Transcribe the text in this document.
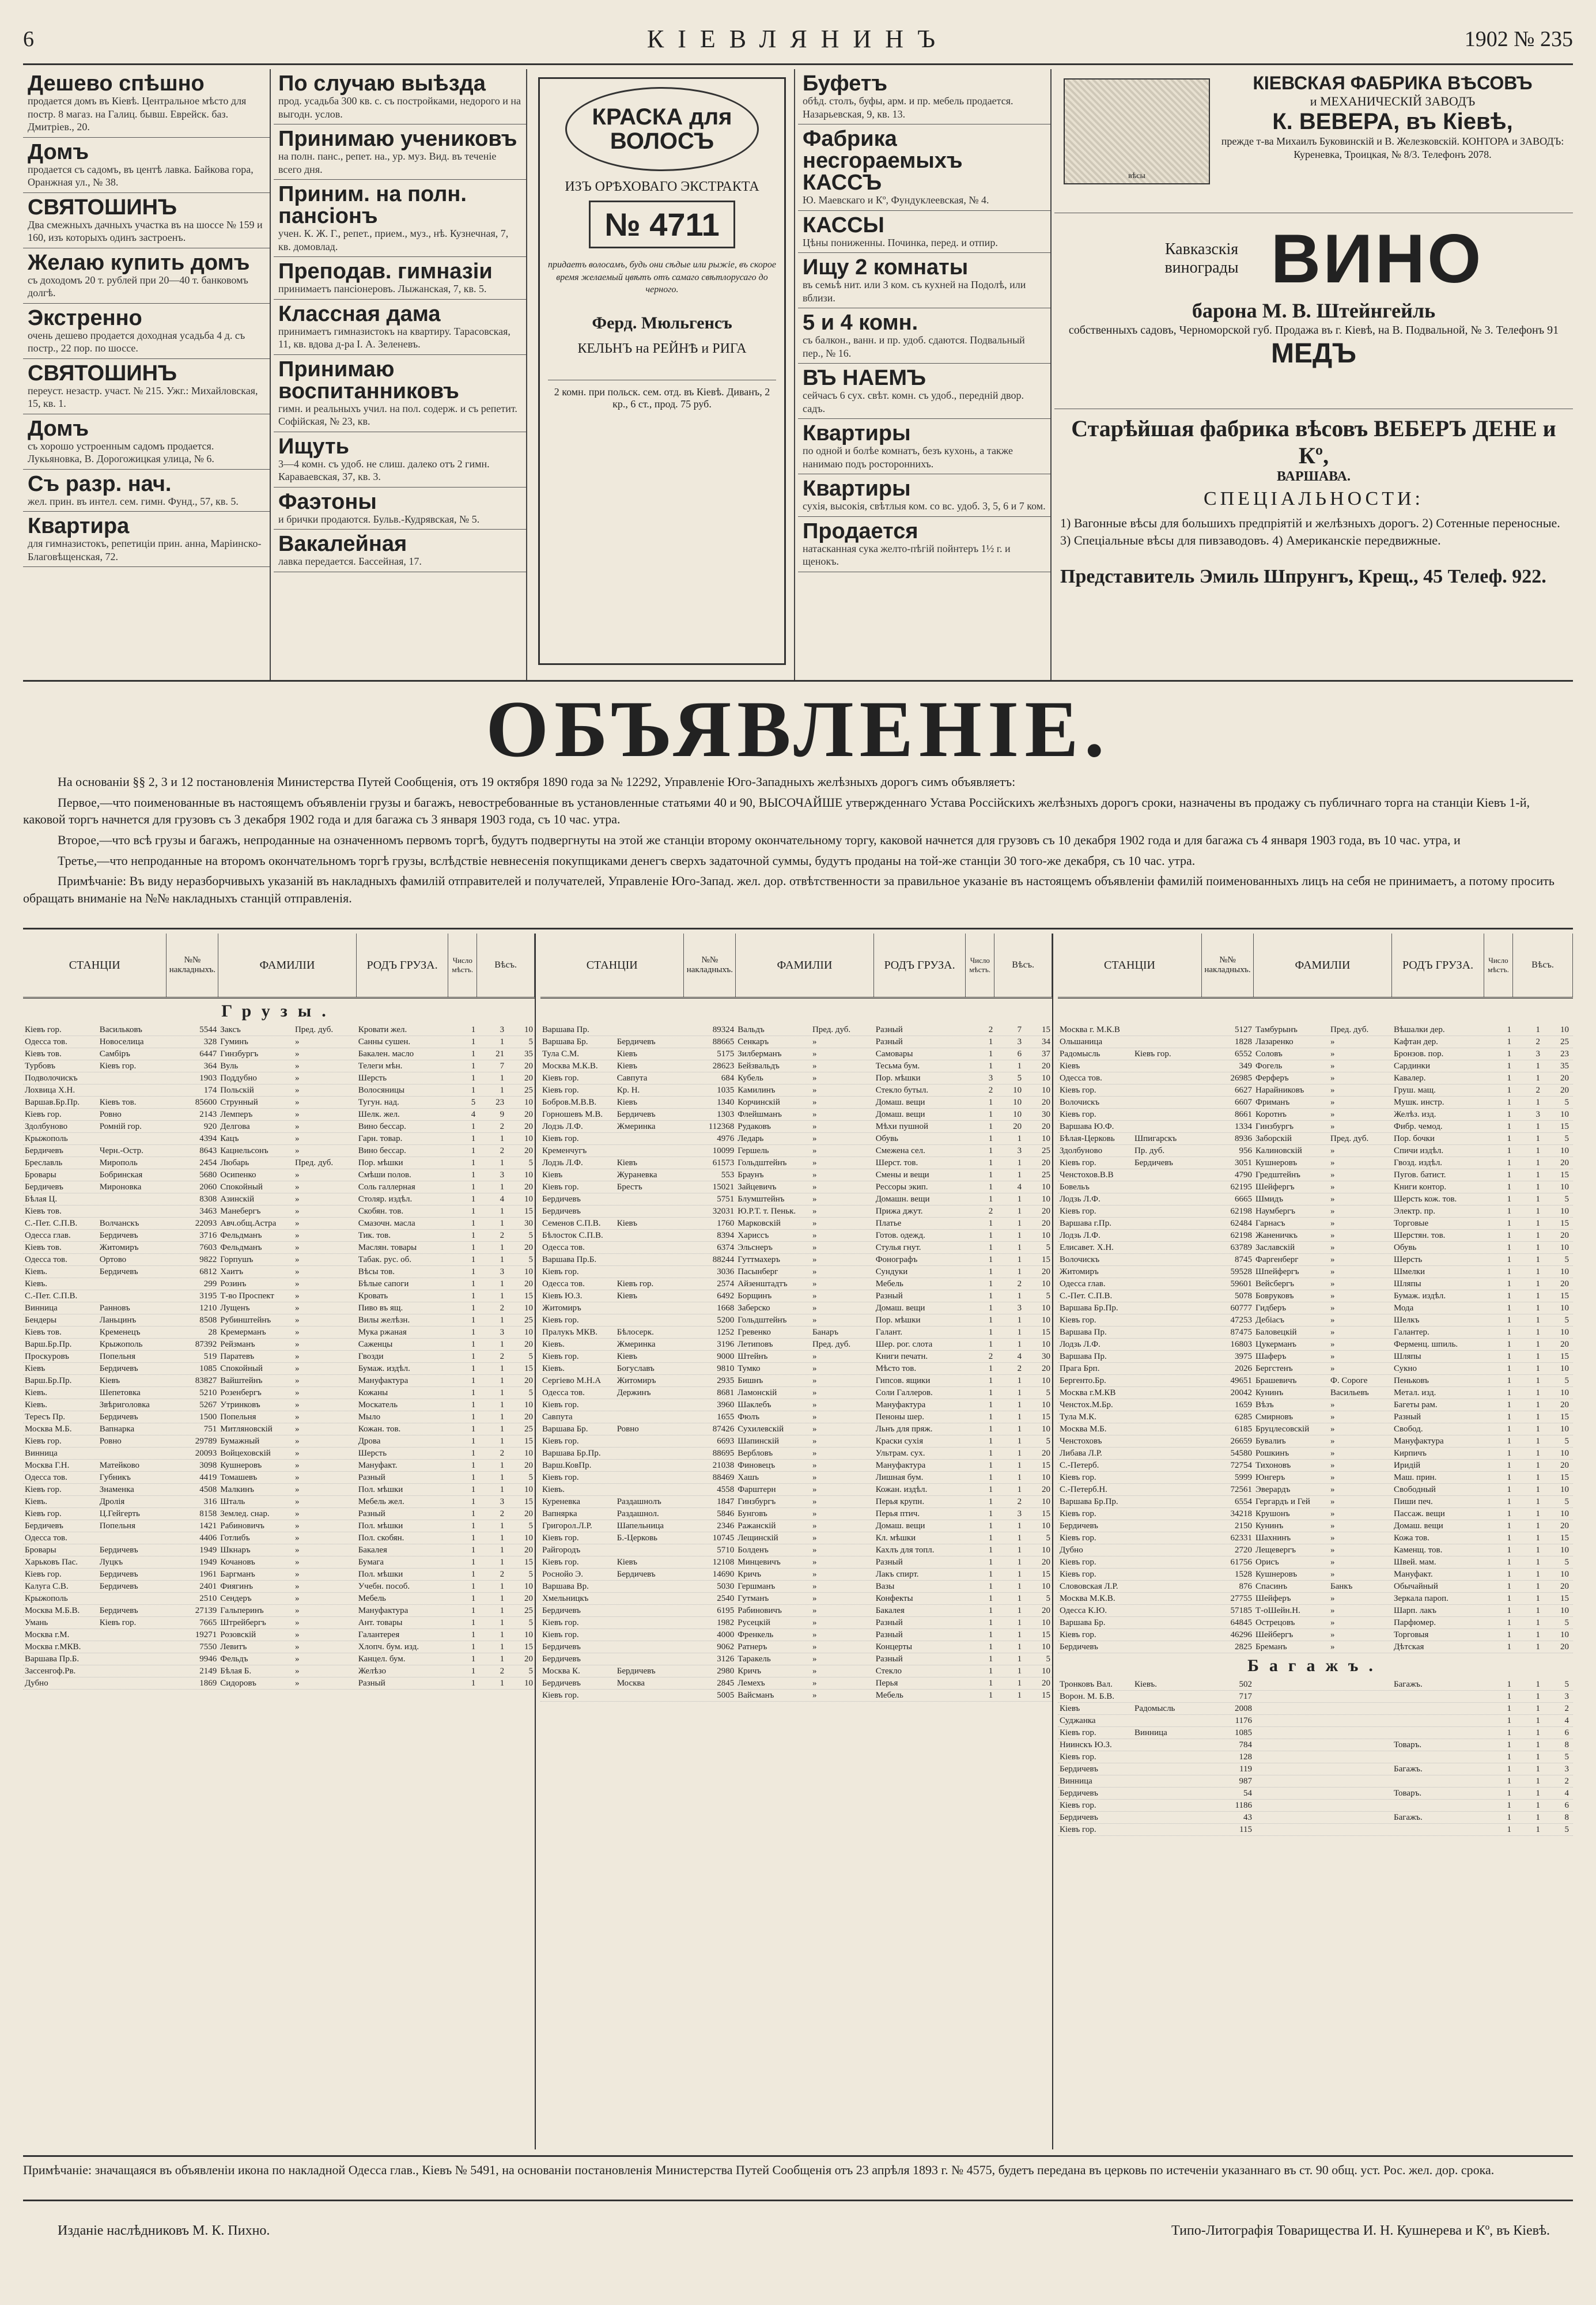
6	КІЕВЛЯНИНЪ	1902 № 235
Дешево спѣшно
продается домъ въ Кіевѣ. Центральное мѣсто для постр. 8 магаз. на Галиц. бывш. Еврейск. баз. Дмитріев., 20.
Домъ
продается съ садомъ, въ центѣ лавка. Байкова гора, Оранжная ул., № 38.
СВЯТОШИНЪ
Два смежныхъ дачныхъ участка въ на шоссе № 159 и 160, изъ которыхъ одинъ застроенъ.
Желаю купить домъ
съ доходомъ 20 т. рублей при 20—40 т. банковомъ долгѣ.
Экстренно
очень дешево продается доходная усадьба 4 д. съ постр., 22 пор. по шоссе.
СВЯТОШИНЪ
переуст. незастр. участ. № 215. Ужг.: Михайловская, 15, кв. 1.
Домъ
съ хорошо устроенным садомъ продается. Лукьяновка, В. Дорогожицкая улица, № 6.
Съ разр. нач.
жел. прин. въ интел. сем. гимн. Фунд., 57, кв. 5.
Квартира
для гимназистокъ, репетиціи прин. анна, Маріинско-Благовѣщенская, 72.
По случаю выѣзда
прод. усадьба 300 кв. с. съ постройками, недорого и на выгодн. услов.
Принимаю учениковъ
на полн. панс., репет. на., ур. муз. Вид. въ теченіе всего дня.
Приним. на полн. пансіонъ
учен. К. Ж. Г., репет., прием., муз., нѣ. Кузнечная, 7, кв. домовлад.
Преподав. гимназіи
принимаетъ пансіонеровъ. Лыжанская, 7, кв. 5.
Классная дама
принимаетъ гимназистокъ на квартиру. Тарасовская, 11, кв. вдова д-ра I. А. Зеленевъ.
Принимаю воспитанниковъ
гимн. и реальныхъ учил. на пол. содерж. и съ репетит. Софійская, № 23, кв.
Ищуть
3—4 комн. съ удоб. не слиш. далеко отъ 2 гимн. Караваевская, 37, кв. 3.
Фаэтоны
и брички продаются. Бульв.-Кудрявская, № 5.
Вакалейная
лавка передается. Бассейная, 17.
КРАСКА для ВОЛОСЪ
ИЗЪ ОРѢХОВАГО ЭКСТРАКТА
№ 4711
придаетъ волосамъ, будь они сѣдые или рыжіе, въ скорое время желаемый цвѣтъ отъ самаго свѣтлорусаго до черного.
Ферд. Мюльгенсъ
КЕЛЬНЪ на РЕЙНѢ и РИГА
2 комн. при польск. сем. отд. въ Кіевѣ. Диванъ, 2 кр., 6 ст., прод. 75 руб.
Буфетъ
обѣд. столъ, буфы, арм. и пр. мебель продается. Назарьевская, 9, кв. 13.
Фабрика несгораемыхъ КАССЪ
Ю. Маевскаго и Кº, Фундуклеевская, № 4.
КАССЫ
Цѣны пониженны. Починка, перед. и отпир.
Ищу 2 комнаты
въ семьѣ нит. или 3 ком. съ кухней на Подолѣ, или вблизи.
5 и 4 комн.
съ балкон., ванн. и пр. удоб. сдаются. Подвальный пер., № 16.
ВЪ НАЕМЪ
сейчасъ 6 сух. свѣт. комн. съ удоб., передній двор. садъ.
Квартиры
по одной и болѣе комнатъ, безъ кухонь, а также нанимаю подъ ростороннихъ.
Квартиры
сухія, высокія, свѣтлыя ком. со вс. удоб. 3, 5, 6 и 7 ком.
Продается
натасканная сука желто-пѣгій пойнтеръ 1½ г. и щенокъ.
вѣсы
КІЕВСКАЯ ФАБРИКА ВѢСОВЪ
и МЕХАНИЧЕСКІЙ ЗАВОДЪ
К. ВЕВЕРА, въ Кіевѣ,
прежде т-ва Михаилъ Буковинскій и В. Железковскій. КОНТОРА и ЗАВОДЪ: Куреневка, Троицкая, № 8/3. Телефонъ 2078.
Кавказскія винограды ВИНО
барона М. В. Штейнгейль
собственныхъ садовъ, Черноморской губ. Продажа въ г. Кіевѣ, на В. Подвальной, № 3. Телефонъ 91
МЕДЪ
Старѣйшая фабрика вѣсовъ ВЕБЕРЪ ДЕНЕ и Кº,
ВАРШАВА.
СПЕЦІАЛЬНОСТИ:
1) Вагонные вѣсы для большихъ предпріятій и желѣзныхъ дорогъ. 2) Сотенные переносные. 3) Спеціальные вѣсы для пивзаводовъ. 4) Американскіе передвижные.
Представитель Эмиль Шпрунгъ, Крещ., 45 Телеф. 922.
ОБЪЯВЛЕНІЕ.

На основаніи §§ 2, 3 и 12 постановленія Министерства Путей Сообщенія, отъ 19 октября 1890 года за № 12292, Управленіе Юго-Западныхъ желѣзныхъ дорогъ симъ объявляетъ:

Первое,—что поименованные въ настоящемъ объявленіи грузы и багажъ, невостребованные въ установленные статьями 40 и 90, ВЫСОЧАЙШЕ утвержденнаго Устава Россійскихъ желѣзныхъ дорогъ сроки, назначены въ продажу съ публичнаго торга на станціи Кіевъ 1-й, каковой торгъ начнется для грузовъ съ 3 декабря 1902 года и для багажа съ 3 января 1903 года, съ 10 час. утра.

Второе,—что всѣ грузы и багажъ, непроданные на означенномъ первомъ торгѣ, будутъ подвергнуты на этой же станціи второму окончательному торгу, каковой начнется для грузовъ съ 10 декабря 1902 года и для багажа съ 4 января 1903 года, въ 10 час. утра, и

Третье,—что непроданные на второмъ окончательномъ торгѣ грузы, вслѣдствіе невнесенія покупщиками денегъ сверхъ задаточной суммы, будутъ проданы на той-же станціи 30 того-же декабря, съ 10 час. утра.

Примѣчаніе: Въ виду неразборчивыхъ указаній въ накладныхъ фамилій отправителей и получателей, Управленіе Юго-Запад. жел. дор. отвѣтственности за правильное указаніе въ настоящемъ объявленіи фамилій поименованныхъ лицъ на себя не принимаетъ, а потому просить обращать вниманіе на №№ накладныхъ станцій отправленія.

СТАНЦІИ	№№ накладныхъ.	ФАМИЛІИ	РОДЪ ГРУЗА.	Число мѣстъ.	Вѣсъ.
Грузы.
Кіевъ гор.	Васильковъ	5544 Заксъ	Пред. дуб.	Кровати жел.	1	3	10
Одесса тов.	Новоселица	328 Гуминъ	»	Санны сушен.	1	1	5
Кіевъ тов.	Самбіръ	6447 Гинзбургъ	»	Бакален. масло	1	21	35
Турбовъ	Кіевъ гор.	364 Вуль	»	Телеги мѣн.	1	7	20
Подволочискъ	1903 Поддубно	»	Шерсть	1	1	20
Лохвица Х.Н.	174 Польскій	»	Волосяницы	1	1	25
Варшав.Бр.Пр.	Кіевъ тов.	85600 Струнный	»	Тугун. над.	5	23	10
Кіевъ гор.	Ровно	2143 Лемперъ	»	Шелк. жел.	4	9	20
Здолбуново	Ромній гор.	920 Делгова	»	Вино бессар.	1	2	20
Крыжополь	4394 Кацъ	»	Гарн. товар.	1	1	10
Бердичевъ	Черн.-Остр.	8643 Кацнельсонъ	»	Вино бессар.	1	2	20
Бреславль	Мирополь	2454 Любарь	Пред. дуб.	Пор. мѣшки	1	1	5
Бровары	Бобринская	5680 Осипенко	»	Смѣши полов.	1	3	10
Бердичевъ	Мироновка	2060 Спокойный	»	Соль галлерная	1	1	20
Бѣлая Ц.	8308 Азинскій	»	Столяр. издѣл.	1	4	10
Кіевъ тов.	3463 Манебергъ	»	Скобян. тов.	1	1	15
С.-Пет. С.П.В.	Волчанскъ	22093 Авч.общ.Астра	»	Смазочн. масла	1	1	30
Одесса глав.	Бердичевъ	3716 Фельдманъ	»	Тик. тов.	1	2	5
Кіевъ тов.	Житомиръ	7603 Фельдманъ	»	Маслян. товары	1	1	20
Одесса тов.	Ортово	9822 Горпушъ	»	Табак. рус. об.	1	1	5
Кіевъ.	Бердичевъ	6812 Хаитъ	»	Вѣсы тов.	1	3	10
Кіевъ.	299 Розинъ	»	Бѣлые сапоги	1	1	20
С.-Пет. С.П.В.	3195 Т-во Проспект	»	Кровать	1	1	15
Винница	Ранновъ	1210 Лущенъ	»	Пиво въ ящ.	1	2	10
Бендеры	Ланьцинъ	8508 Рубинштейнъ	»	Вилы желѣзн.	1	1	25
Кіевъ тов.	Кременецъ	28 Кремерманъ	»	Мука ржаная	1	3	10
Варш.Бр.Пр.	Крыжополь	87392 Рейзманъ	»	Саженцы	1	1	20
Проскуровъ	Попельня	519 Паратевъ	»	Гвозди	1	2	5
Кіевъ	Бердичевъ	1085 Спокойный	»	Бумаж. издѣл.	1	1	15
Варш.Бр.Пр.	Кіевъ	83827 Вайштейнъ	»	Мануфактура	1	1	20
Кіевъ.	Шепетовка	5210 Розенбергъ	»	Кожаны	1	1	5
Кіевъ.	Звѣриголовка	5267 Утринковъ	»	Москатель	1	1	10
Тересъ Пр.	Бердичевъ	1500 Попельня	»	Мыло	1	1	20
Москва М.Б.	Вапнарка	751 Митляновскій	»	Кожан. тов.	1	1	25
Кіевъ гор.	Ровно	29789 Бумажный	»	Дрова	1	1	15
Винница	20093 Войцеховскій	»	Шерсть	1	2	10
Москва Г.Н.	Матейково	3098 Кушнеровъ	»	Мануфакт.	1	1	20
Одесса тов.	Губникъ	4419 Томашевъ	»	Разный	1	1	5
Кіевъ гор.	Знаменка	4508 Малкинъ	»	Пол. мѣшки	1	1	10
Кіевъ.	Дролія	316 Шталь	»	Мебель жел.	1	3	15
Кіевъ гор.	Ц.Гейгерть	8158 Землед. снар.	»	Разный	1	2	20
Бердичевъ	Попельня	1421 Рабиновичъ	»	Пол. мѣшки	1	1	5
Одесса тов.	4406 Готлибъ	»	Пол. скобян.	1	1	10
Бровары	Бердичевъ	1949 Шкнаръ	»	Бакалея	1	1	20
Харьковъ Пас.	Луцкъ	1949 Кочановъ	»	Бумага	1	1	15
Кіевъ гор.	Бердичевъ	1961 Баргманъ	»	Пол. мѣшки	1	2	5
Калуга С.В.	Бердичевъ	2401 Фиягинъ	»	Учебн. пособ.	1	1	10
Крыжополь	2510 Сендеръ	»	Мебель	1	1	20
Москва М.Б.В.	Бердичевъ	27139 Гальперинъ	»	Мануфактура	1	1	25
Умань	Кіевъ гор.	7665 Штрейбергъ	»	Ант. товары	1	1	5
Москва г.М.	19271 Розовскій	»	Галантерея	1	1	10
Москва г.МКВ.	7550 Левитъ	»	Хлопч. бум. изд.	1	1	15
Варшава Пр.Б.	9946 Фельдъ	»	Канцел. бум.	1	1	20
Зассенгоф.Рв.	2149 Бѣлая Б.	»	Желѣзо	1	2	5
Дубно	1869 Сидоровъ	»	Разный	1	1	10
СТАНЦІИ	№№ накладныхъ.	ФАМИЛІИ	РОДЪ ГРУЗА.	Число мѣстъ.	Вѣсъ.
Варшава Пр.	89324 Вальдъ	Пред. дуб.	Разный	2	7	15
Варшава Бр.	Бердичевъ	88665 Сенкаръ	»	Разный	1	3	34
Тула С.М.	Кіевъ	5175 Зилберманъ	»	Самовары	1	6	37
Москва М.К.В.	Кіевъ	28623 Бейзвальдъ	»	Тесьма бум.	1	1	20
Кіевъ гор.	Савпута	684 Кубель	»	Пор. мѣшки	3	5	10
Кіевъ гор.	Кр. Н.	1035 Камилинъ	»	Стекло бутыл.	2	10	10
Бобров.М.В.В.	Кіевъ	1340 Корчинскій	»	Домаш. вещи	1	10	20
Горношевъ М.В.	Бердичевъ	1303 Флейшманъ	»	Домаш. вещи	1	10	30
Лодзь Л.Ф.	Жмеринка	112368 Рудаковъ	»	Мѣхи пушной	1	20	20
Кіевъ гор.	4976 Ледарь	»	Обувь	1	1	10
Кременчугъ	10099 Гершель	»	Смежена сел.	1	3	25
Лодзь Л.Ф.	Кіевъ	61573 Гольдштейнъ	»	Шерст. тов.	1	1	20
Кіевъ	Жураневка	553 Браунъ	»	Смены и вещи	1	1	25
Кіевъ гор.	Брестъ	15021 Зайцевичъ	»	Рессоры экип.	1	4	10
Бердичевъ	5751 Блумштейнъ	»	Домашн. вещи	1	1	10
Бердичевъ	32031 Ю.Р.Т. т. Пеньк.	»	Прижа джут.	2	1	20
Семенов С.П.В.	Кіевъ	1760 Марковскій	»	Платье	1	1	20
Бѣлосток С.П.В.	8394 Хариссъ	»	Готов. одежд.	1	1	10
Одесса тов.	6374 Эльснеръ	»	Стулья гнут.	1	1	5
Варшава Пр.Б.	88244 Гуттмахеръ	»	Фонографъ	1	1	15
Кіевъ гор.	3036 Пасынберг	»	Сундуки	1	1	20
Одесса тов.	Кіевъ гор.	2574 Айзенштадтъ	»	Мебель	1	2	10
Кіевъ Ю.З.	Кіевъ	6492 Борщинъ	»	Разный	1	1	5
Житомиръ	1668 Заберско	»	Домаш. вещи	1	3	10
Кіевъ гор.	5200 Гольдштейнъ	»	Пор. мѣшки	1	1	10
Пралукъ МКВ.	Бѣлосерк.	1252 Гревенко	Банаръ	Галант.	1	1	15
Кіевъ.	Жмеринка	3196 Летиповъ	Пред. дуб.	Шер. рог. слота	1	1	10
Кіевъ гор.	Кіевъ	9000 Штейнъ	»	Книги печатн.	2	4	30
Кіевъ.	Богуславъ	9810 Тумко	»	Мѣсто тов.	1	2	20
Сергіево М.Н.А	Житомиръ	2935 Бишнъ	»	Гипсов. ящики	1	1	10
Одесса тов.	Держинъ	8681 Ламонскій	»	Соли Галлеров.	1	1	5
Кіевъ гор.	3960 Шаклебъ	»	Мануфактура	1	1	10
Савпута	1655 Фюлъ	»	Пеноны шер.	1	1	15
Варшава Бр.	Ровно	87426 Сухилевскій	»	Льнъ для пряж.	1	1	10
Кіевъ гор.	6693 Шапинскій	»	Краски сухія	1	1	5
Варшава Бр.Пр.	88695 Вербловъ	»	Ультрам. сух.	1	1	20
Варш.КовПр.	21038 Финовецъ	»	Мануфактура	1	1	15
Кіевъ гор.	88469 Хашъ	»	Лишная бум.	1	1	10
Кіевъ.	4558 Фарштерн	»	Кожан. издѣл.	1	1	20
Куреневка	Раздашнолъ	1847 Гинзбургъ	»	Перья крупн.	1	2	10
Вапнярка	Раздашнол.	5846 Бунговъ	»	Перья птич.	1	3	15
Григорол.Л.Р.	Шапельница	2346 Ражанскій	»	Домаш. вещи	1	1	10
Кіевъ гор.	Б.-Церковь	10745 Лещинскій	»	Кл. мѣшки	1	1	5
Райгородъ	5710 Болденъ	»	Кахлъ для топл.	1	1	10
Кіевъ гор.	Кіевъ	12108 Минцевичъ	»	Разный	1	1	20
Роснойо Э.	Бердичевъ	14690 Кричъ	»	Лакъ спирт.	1	1	15
Варшава Вр.	5030 Гершманъ	»	Вазы	1	1	10
Хмельницкъ	2540 Гутманъ	»	Конфекты	1	1	5
Бердичевъ	6195 Рабиновичъ	»	Бакалея	1	1	20
Кіевъ гор.	1982 Русецкій	»	Разный	1	1	10
Кіевъ гор.	4000 Френкель	»	Разный	1	1	15
Бердичевъ	9062 Ратнеръ	»	Концерты	1	1	10
Бердичевъ	3126 Таракель	»	Разный	1	1	5
Москва К.	Бердичевъ	2980 Кричъ	»	Стекло	1	1	10
Бердичевъ	Москва	2845 Лемехъ	»	Перья	1	1	20
Кіевъ гор.	5005 Вайсманъ	»	Мебель	1	1	15
СТАНЦІИ	№№ накладныхъ.	ФАМИЛІИ	РОДЪ ГРУЗА.	Число мѣстъ.	Вѣсъ.
Москва г. М.К.В	5127 Тамбурынъ	Пред. дуб.	Вѣшалки дер.	1	1	10
Ольшаница	1828 Лазаренко	»	Кафтан дер.	1	2	25
Радомысль	Кіевъ гор.	6552 Соловъ	»	Бронзов. пор.	1	3	23
Кіевъ	349 Фогель	»	Сардинки	1	1	35
Одесса тов.	26985 Ферферъ	»	Кавалер.	1	1	20
Кіевъ гор.	6627 Нарайниковъ	»	Груш. мащ.	1	2	20
Волочискъ	6607 Фриманъ	»	Мушк. инстр.	1	1	5
Кіевъ гор.	8661 Коротнъ	»	Желѣз. изд.	1	3	10
Варшава Ю.Ф.	1334 Гинзбургъ	»	Фибр. чемод.	1	1	15
Бѣлая-Церковь	Шпигарскъ	8936 Заборскій	Пред. дуб.	Пор. бочки	1	1	5
Здолбуново	Пр. дуб.	956 Калиновскій	»	Спичи издѣл.	1	1	10
Кіевъ гор.	Бердичевъ	3051 Кушнеровъ	»	Гвозд. издѣл.	1	1	20
Ченстохов.В.В	4790 Гредштейнъ	»	Пугов. батист.	1	1	15
Бовельъ	62195 Шейфергъ	»	Книги контор.	1	1	10
Лодзь Л.Ф.	6665 Шмидъ	»	Шерсть кож. тов.	1	1	5
Кіевъ гор.	62198 Наумбергъ	»	Электр. пр.	1	1	10
Варшава г.Пр.	62484 Гарнасъ	»	Торговые	1	1	15
Лодзь Л.Ф.	62198 Жаненичкъ	»	Шерстян. тов.	1	1	20
Елисавет. Х.Н.	63789 Заславскій	»	Обувь	1	1	10
Волочискъ	8745 Фаргенберг	»	Шерсть	1	1	5
Житомиръ	59528 Шпейфергъ	»	Шмелки	1	1	10
Одесса глав.	59601 Вейсбергъ	»	Шляпы	1	1	20
С.-Пет. С.П.В.	5078 Бовруковъ	»	Бумаж. издѣл.	1	1	15
Варшава Бр.Пр.	60777 Гидберъ	»	Мода	1	1	10
Кіевъ гор.	47253 Дебіасъ	»	Шелкъ	1	1	5
Варшава Пр.	87475 Баловецкій	»	Галантер.	1	1	10
Лодзь Л.Ф.	16803 Цукерманъ	»	Ферменц. шпиль.	1	1	20
Варшава Пр.	3975 Шаферъ	»	Шляпы	1	1	15
Прага Брп.	2026 Бергстенъ	»	Сукно	1	1	10
Бергенто.Бр.	49651 Брашевичъ	Ф. Сороге	Пеньковъ	1	1	5
Москва г.М.КВ	20042 Кунинъ	Васильевъ	Метал. изд.	1	1	10
Ченстох.М.Бр.	1659 Вѣзъ	»	Багеты рам.	1	1	20
Тула М.К.	6285 Смирновъ	»	Разный	1	1	15
Москва М.Б.	6185 Бруцлесовскій	»	Свобод.	1	1	10
Ченстоховъ	26659 Бувалиъ	»	Мануфактура	1	1	5
Либава Л.Р.	54580 Рошкинъ	»	Кирпичъ	1	1	10
С.-Петерб.	72754 Тихоновъ	»	Иридій	1	1	20
Кіевъ гор.	5999 Юнгеръ	»	Маш. прин.	1	1	15
С.-Петерб.Н.	72561 Эверардъ	»	Свободный	1	1	10
Варшава Бр.Пр.	6554 Гергардъ и Гей	»	Пиши печ.	1	1	5
Кіевъ гор.	34218 Крушонъ	»	Пассаж. вещи	1	1	10
Бердичевъ	2150 Кунинъ	»	Домаш. вещи	1	1	20
Кіевъ гор.	62331 Шахнинъ	»	Кожа тов.	1	1	15
Дубно	2720 Лещевергъ	»	Каменщ. тов.	1	1	10
Кіевъ гор.	61756 Орисъ	»	Швей. мам.	1	1	5
Кіевъ гор.	1528 Кушнеровъ	»	Мануфакт.	1	1	10
Слововская Л.Р.	876 Спасинъ	Банкъ	Обычайный	1	1	20
Москва М.К.В.	27755 Шейферъ	»	Зеркала пароп.	1	1	15
Одесса К.Ю.	57185 Т-оШейн.Н.	»	Шарп. лакъ	1	1	10
Варшава Бр.	64845 Острецовъ	»	Парфюмер.	1	1	5
Кіевъ гор.	46296 Шейбергъ	»	Торговыя	1	1	10
Бердичевъ	2825 Бреманъ	»	Дѣтская	1	1	20
Багажъ.
Тронковъ Вал.	Кіевъ.	502	Багажъ.	1	1	5
Ворон. М. Б.В.	717	1	1	3
Кіевъ	Радомысль	2008	1	1	2
Суджанка	1176	1	1	4
Кіевъ гор.	Винница	1085	1	1	6
Ниинскъ Ю.З.	784	Товаръ.	1	1	8
Кіевъ гор.	128	1	1	5
Бердичевъ	119	Багажъ.	1	1	3
Винница	987	1	1	2
Бердичевъ	54	Товаръ.	1	1	4
Кіевъ гор.	1186	1	1	6
Бердичевъ	43	Багажъ.	1	1	8
Кіевъ гор.	115	1	1	5
Примѣчаніе: значащаяся въ объявленіи икона по накладной Одесса глав., Кіевъ № 5491, на основаніи постановленія Министерства Путей Сообщенія отъ 23 апрѣля 1893 г. № 4575, будетъ передана въ церковь по истеченіи указаннаго въ ст. 90 общ. уст. Рос. жел. дор. срока.
Изданіе наслѣдниковъ М. К. Пихно.	Типо-Литографія Товарищества И. Н. Кушнерева и Кº, въ Кіевѣ.
